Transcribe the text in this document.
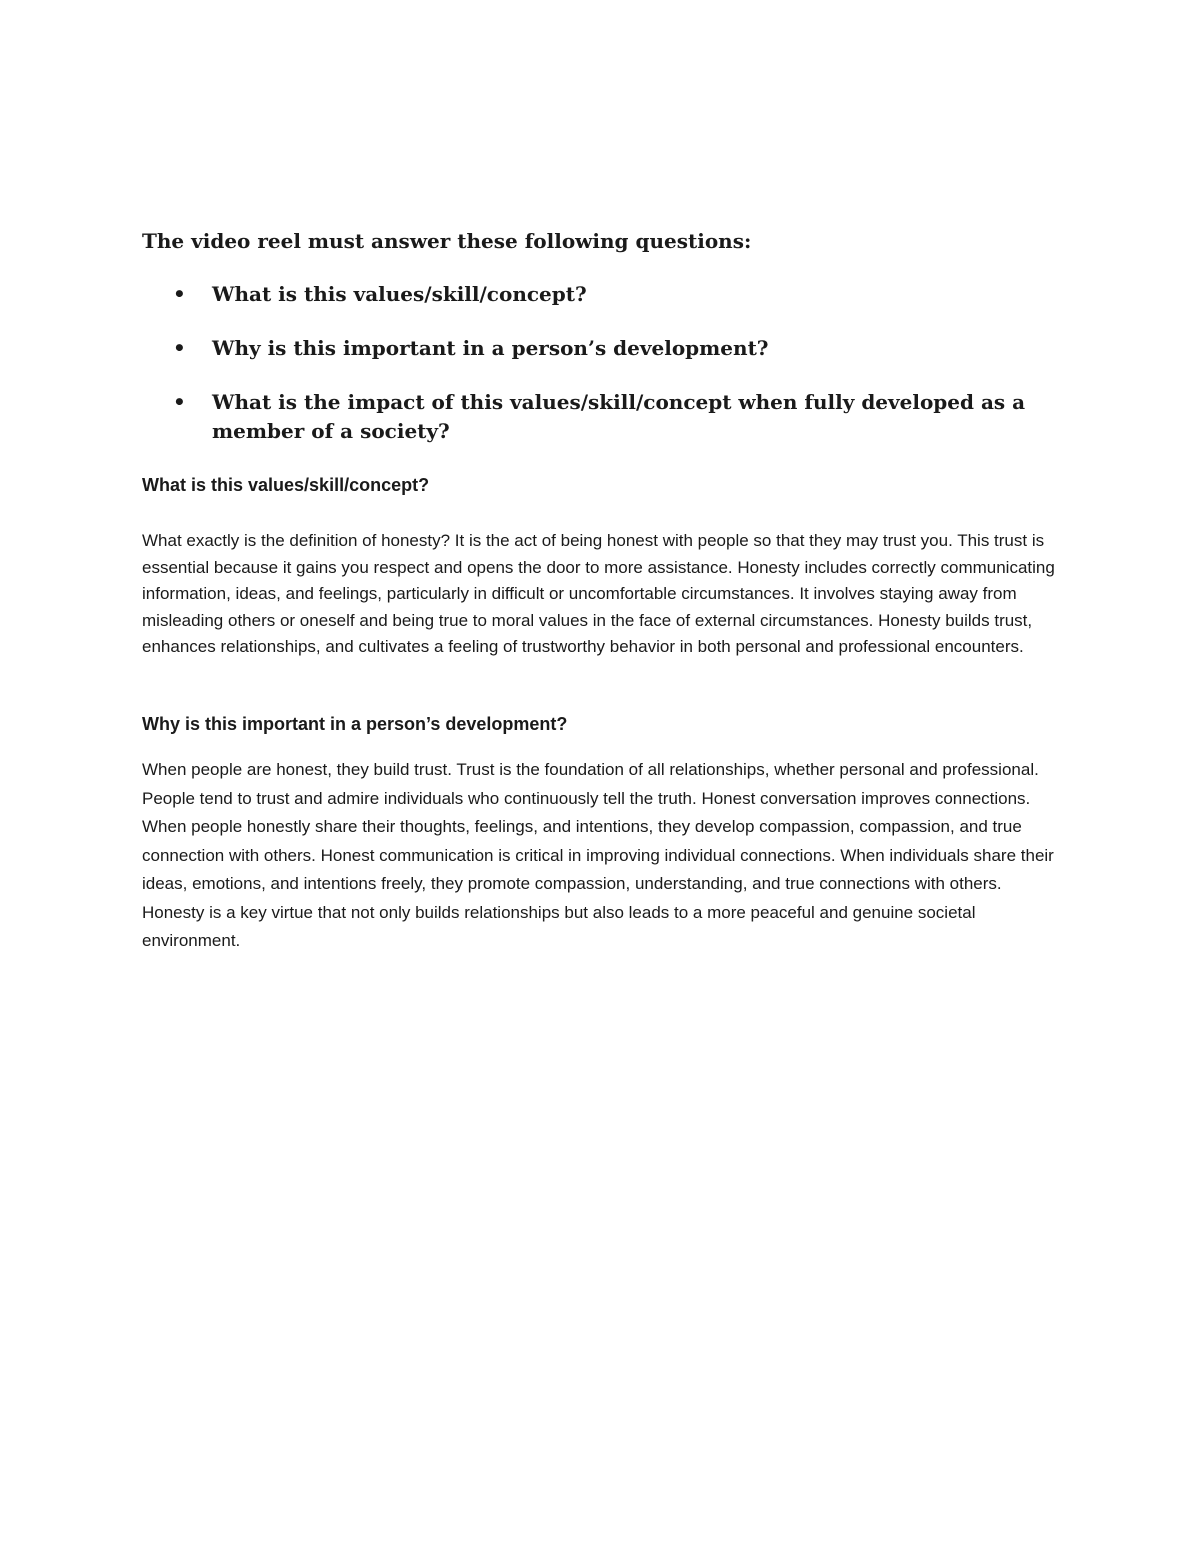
The video reel must answer these following questions:

• What is this values/skill/concept?
• Why is this important in a person’s development?
• What is the impact of this values/skill/concept when fully developed as a member of a society?
What is this values/skill/concept?

What exactly is the definition of honesty? It is the act of being honest with people so that they may trust you. This trust is essential because it gains you respect and opens the door to more assistance. Honesty includes correctly communicating information, ideas, and feelings, particularly in difficult or uncomfortable circumstances. It involves staying away from misleading others or oneself and being true to moral values in the face of external circumstances. Honesty builds trust, enhances relationships, and cultivates a feeling of trustworthy behavior in both personal and professional encounters.

Why is this important in a person’s development?

When people are honest, they build trust. Trust is the foundation of all relationships, whether personal and professional. People tend to trust and admire individuals who continuously tell the truth. Honest conversation improves connections. When people honestly share their thoughts, feelings, and intentions, they develop compassion, compassion, and true connection with others. Honest communication is critical in improving individual connections. When individuals share their ideas, emotions, and intentions freely, they promote compassion, understanding, and true connections with others. Honesty is a key virtue that not only builds relationships but also leads to a more peaceful and genuine societal environment.
